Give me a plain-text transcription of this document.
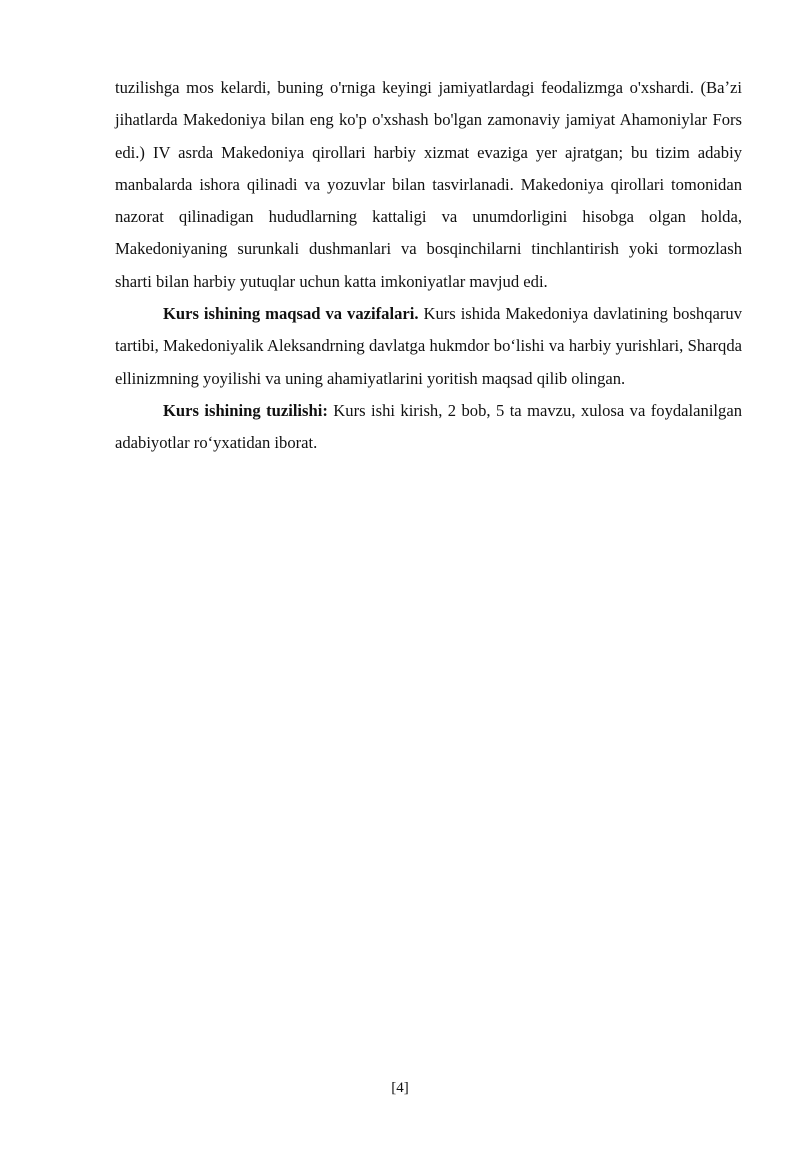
tuzilishga mos kelardi, buning o'rniga keyingi jamiyatlardagi feodalizmga o'xshardi. (Baʼzi jihatlarda Makedoniya bilan eng ko'p o'xshash bo'lgan zamonaviy jamiyat Ahamoniylar Fors edi.) IV asrda Makedoniya qirollari harbiy xizmat evaziga yer ajratgan; bu tizim adabiy manbalarda ishora qilinadi va yozuvlar bilan tasvirlanadi. Makedoniya qirollari tomonidan nazorat qilinadigan hududlarning kattaligi va unumdorligini hisobga olgan holda, Makedoniyaning surunkali dushmanlari va bosqinchilarni tinchlantirish yoki tormozlash sharti bilan harbiy yutuqlar uchun katta imkoniyatlar mavjud edi.

Kurs ishining maqsad va vazifalari. Kurs ishida Makedoniya davlatining boshqaruv tartibi, Makedoniyalik Aleksandrning davlatga hukmdor bo‘lishi va harbiy yurishlari, Sharqda ellinizmning yoyilishi va uning ahamiyatlarini yoritish maqsad qilib olingan.

Kurs ishining tuzilishi: Kurs ishi kirish, 2 bob, 5 ta mavzu, xulosa va foydalanilgan adabiyotlar ro‘yxatidan iborat.

[4]
